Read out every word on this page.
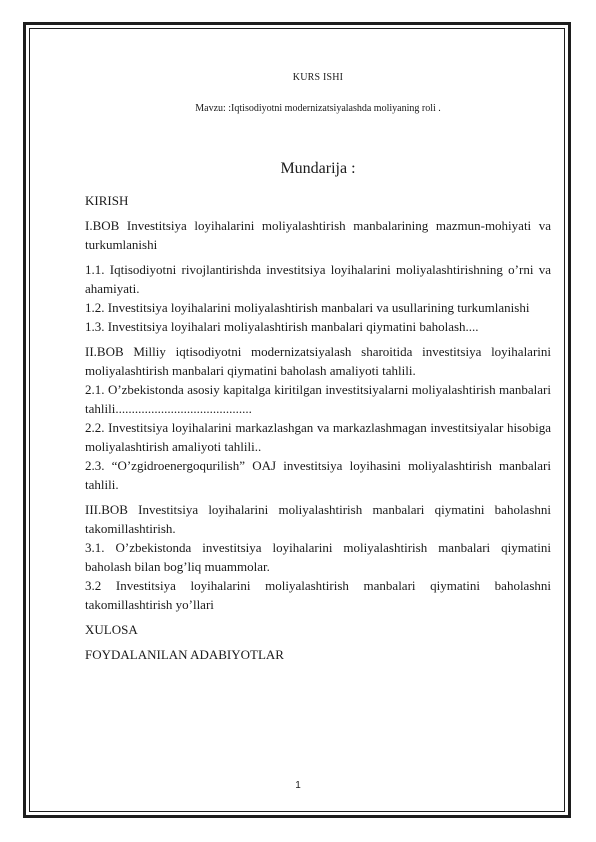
KURS ISHI

Mavzu: :Iqtisodiyotni modernizatsiyalashda moliyaning roli .

Mundarija :

KIRISH

I.BOB Investitsiya loyihalarini moliyalashtirish manbalarining mazmun-mohiyati va turkumlanishi

1.1. Iqtisodiyotni rivojlantirishda investitsiya loyihalarini moliyalashtirishning o’rni va ahamiyati.

1.2. Investitsiya loyihalarini moliyalashtirish manbalari va usullarining turkumlanishi

1.3. Investitsiya loyihalari moliyalashtirish manbalari qiymatini baholash....

II.BOB Milliy iqtisodiyotni modernizatsiyalash sharoitida investitsiya loyihalarini moliyalashtirish manbalari qiymatini baholash amaliyoti tahlili.

2.1. O’zbekistonda asosiy kapitalga kiritilgan investitsiyalarni moliyalashtirish manbalari tahlili..........................................

2.2. Investitsiya loyihalarini markazlashgan va markazlashmagan investitsiyalar hisobiga moliyalashtirish amaliyoti tahlili..

2.3. “O’zgidroenergoqurilish” OAJ investitsiya loyihasini moliyalashtirish manbalari tahlili.

III.BOB Investitsiya loyihalarini moliyalashtirish manbalari qiymatini baholashni takomillashtirish.

3.1. O’zbekistonda investitsiya loyihalarini moliyalashtirish manbalari qiymatini baholash bilan bog’liq muammolar.

3.2 Investitsiya loyihalarini moliyalashtirish manbalari qiymatini baholashni takomillashtirish yo’llari

XULOSA

FOYDALANILAN ADABIYOTLAR

1
